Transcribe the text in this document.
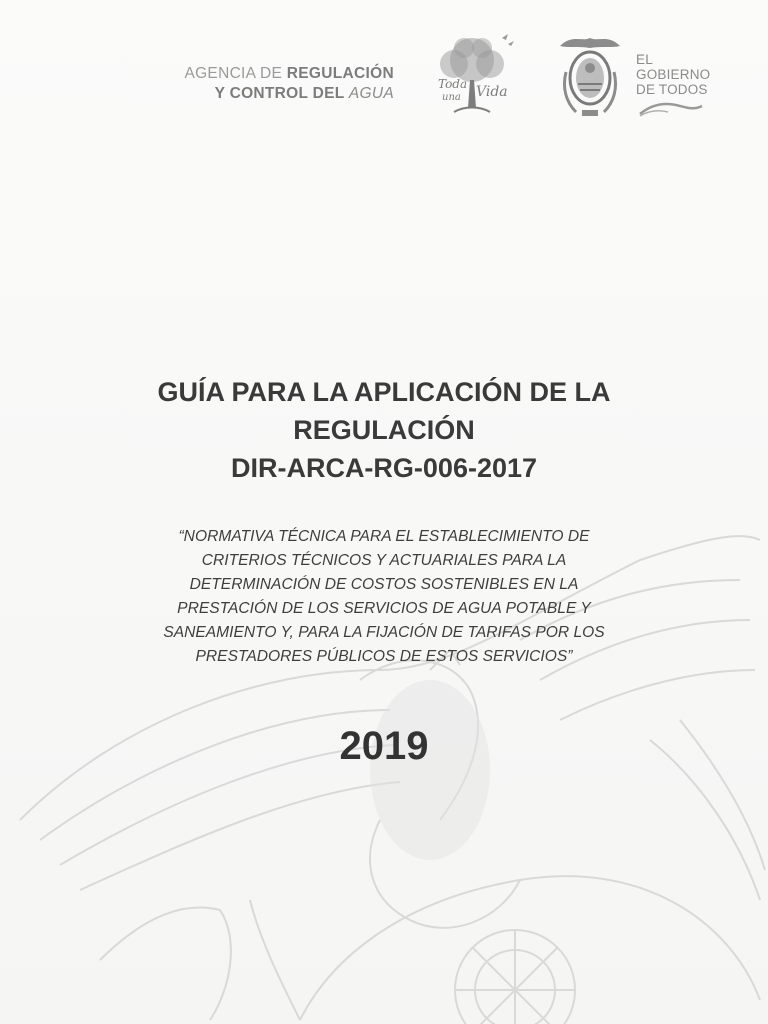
AGENCIA DE REGULACIÓN
Y CONTROL DEL AGUA
Toda
una Vida
EL
GOBIERNO
DE TODOS
GUÍA PARA LA APLICACIÓN DE LA
REGULACIÓN
DIR-ARCA-RG-006-2017
“NORMATIVA TÉCNICA PARA EL ESTABLECIMIENTO DE
CRITERIOS TÉCNICOS Y ACTUARIALES PARA LA
DETERMINACIÓN DE COSTOS SOSTENIBLES EN LA
PRESTACIÓN DE LOS SERVICIOS DE AGUA POTABLE Y
SANEAMIENTO Y, PARA LA FIJACIÓN DE TARIFAS POR LOS
PRESTADORES PÚBLICOS DE ESTOS SERVICIOS”
2019
